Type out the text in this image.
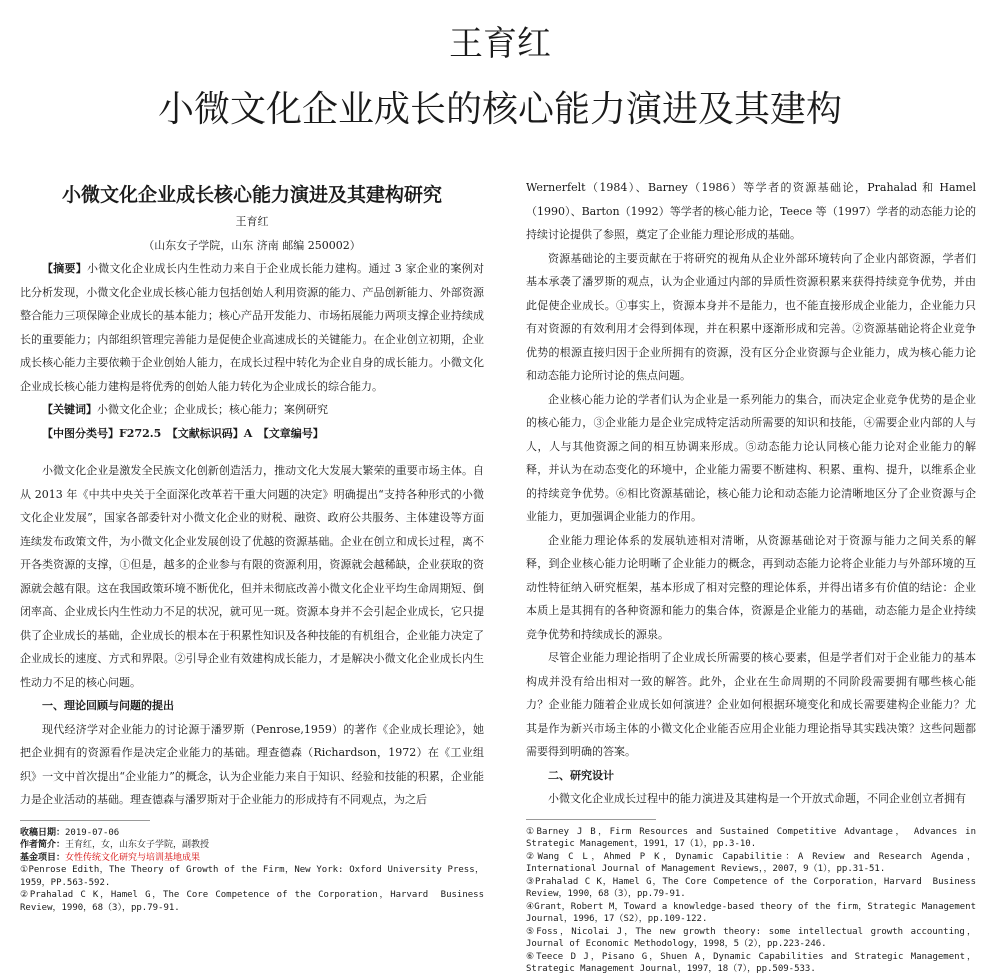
王育红
小微文化企业成长的核心能力演进及其建构

小微文化企业成长核心能力演进及其建构研究

王育红

（山东女子学院，山东 济南 邮编 250002）

【摘要】小微文化企业成长内生性动力来自于企业成长能力建构。通过 3 家企业的案例对比分析发现，小微文化企业成长核心能力包括创始人利用资源的能力、产品创新能力、外部资源整合能力三项保障企业成长的基本能力；核心产品开发能力、市场拓展能力两项支撑企业持续成长的重要能力；内部组织管理完善能力是促使企业高速成长的关键能力。在企业创立初期，企业成长核心能力主要依赖于企业创始人能力，在成长过程中转化为企业自身的成长能力。小微文化企业成长核心能力建构是将优秀的创始人能力转化为企业成长的综合能力。

【关键词】小微文化企业；企业成长；核心能力；案例研究

【中图分类号】F272.5　【文献标识码】A　【文章编号】

小微文化企业是激发全民族文化创新创造活力，推动文化大发展大繁荣的重要市场主体。自从 2013 年《中共中央关于全面深化改革若干重大问题的决定》明确提出“支持各种形式的小微文化企业发展”，国家各部委针对小微文化企业的财税、融资、政府公共服务、主体建设等方面连续发布政策文件，为小微文化企业发展创设了优越的资源基础。企业在创立和成长过程，离不开各类资源的支撑，①但是，越多的企业参与有限的资源利用，资源就会越稀缺，企业获取的资源就会越有限。这在我国政策环境不断优化，但并未彻底改善小微文化企业平均生命周期短、倒闭率高、企业成长内生性动力不足的状况，就可见一斑。资源本身并不会引起企业成长，它只提供了企业成长的基础，企业成长的根本在于积累性知识及各种技能的有机组合，企业能力决定了企业成长的速度、方式和界限。②引导企业有效建构成长能力，才是解决小微文化企业成长内生性动力不足的核心问题。

一、理论回顾与问题的提出

现代经济学对企业能力的讨论源于潘罗斯（Penrose,1959）的著作《企业成长理论》，她把企业拥有的资源看作是决定企业能力的基础。理查德森（Richardson，1972）在《工业组织》一文中首次提出“企业能力”的概念，认为企业能力来自于知识、经验和技能的积累，企业能力是企业活动的基础。理查德森与潘罗斯对于企业能力的形成持有不同观点，为之后

收稿日期：2019-07-06
作者简介：王育红，女，山东女子学院，副教授
基金项目：女性传统文化研究与培训基地成果
①Penrose Edith，The Theory of Growth of the Firm，New York: Oxford University Press，1959，PP.563-592.
②Prahalad C K，Hamel G，The Core Competence of the Corporation，Harvard　Business Review，1990，68（3），pp.79-91.

Wernerfelt（1984）、Barney（1986）等学者的资源基础论，Prahalad 和 Hamel（1990）、Barton（1992）等学者的核心能力论，Teece 等（1997）学者的动态能力论的持续讨论提供了参照，奠定了企业能力理论形成的基础。

资源基础论的主要贡献在于将研究的视角从企业外部环境转向了企业内部资源，学者们基本承袭了潘罗斯的观点，认为企业通过内部的异质性资源积累来获得持续竞争优势，并由此促使企业成长。①事实上，资源本身并不是能力，也不能直接形成企业能力，企业能力只有对资源的有效利用才会得到体现，并在积累中逐渐形成和完善。②资源基础论将企业竞争优势的根源直接归因于企业所拥有的资源，没有区分企业资源与企业能力，成为核心能力论和动态能力论所讨论的焦点问题。

企业核心能力论的学者们认为企业是一系列能力的集合，而决定企业竞争优势的是企业的核心能力，③企业能力是企业完成特定活动所需要的知识和技能，④需要企业内部的人与人，人与其他资源之间的相互协调来形成。⑤动态能力论认同核心能力论对企业能力的解释，并认为在动态变化的环境中，企业能力需要不断建构、积累、重构、提升，以维系企业的持续竞争优势。⑥相比资源基础论，核心能力论和动态能力论清晰地区分了企业资源与企业能力，更加强调企业能力的作用。

企业能力理论体系的发展轨迹相对清晰，从资源基础论对于资源与能力之间关系的解释，到企业核心能力论明晰了企业能力的概念，再到动态能力论将企业能力与外部环境的互动性特征纳入研究框架，基本形成了相对完整的理论体系，并得出诸多有价值的结论：企业本质上是其拥有的各种资源和能力的集合体，资源是企业能力的基础，动态能力是企业持续竞争优势和持续成长的源泉。

尽管企业能力理论指明了企业成长所需要的核心要素，但是学者们对于企业能力的基本构成并没有给出相对一致的解答。此外，企业在生命周期的不同阶段需要拥有哪些核心能力？企业能力随着企业成长如何演进？企业如何根据环境变化和成长需要建构企业能力？尤其是作为新兴市场主体的小微文化企业能否应用企业能力理论指导其实践决策？这些问题都需要得到明确的答案。

二、研究设计

小微文化企业成长过程中的能力演进及其建构是一个开放式命题，不同企业创立者拥有

①Barney J B，Firm Resources and Sustained Competitive Advantage，　Advances in Strategic Management，1991，17（1），pp.3-10.
②Wang C L，Ahmed P K，Dynamic Capabilitie：A Review and Research Agenda，International Journal of Management Reviews，，2007，9（1），pp.31-51.
③Prahalad C K，Hamel G，The Core Competence of the Corporation，Harvard　Business Review，1990，68（3），pp.79-91.
④Grant，Robert M，Toward a knowledge-based theory of the firm，Strategic Management Journal，1996，17（S2），pp.109-122.
⑤Foss，Nicolai J，The new growth theory: some intellectual growth accounting，Journal of Economic Methodology，1998，5（2），pp.223-246.
⑥Teece D J，Pisano G，Shuen A，Dynamic Capabilities and Strategic Management，Strategic Management Journal，1997，18（7），pp.509-533.
